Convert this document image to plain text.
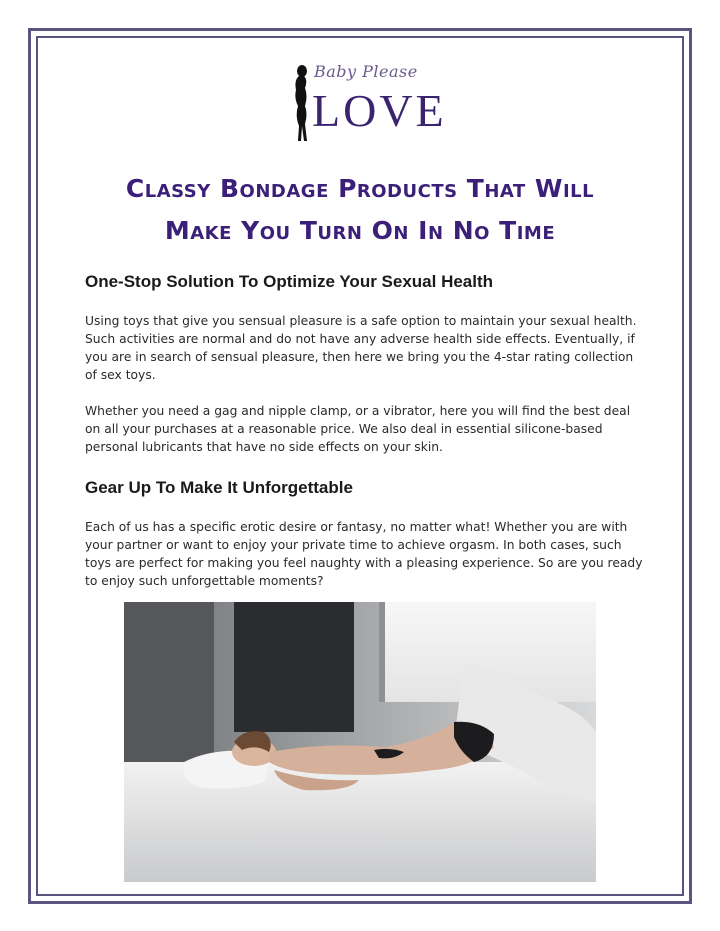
Baby Please
LOVE
Classy Bondage Products That Will
Make You Turn On In No Time
One-Stop Solution To Optimize Your Sexual Health

Using toys that give you sensual pleasure is a safe option to maintain your sexual health. Such activities are normal and do not have any adverse health side effects. Eventually, if you are in search of sensual pleasure, then here we bring you the 4-star rating collection of sex toys.

Whether you need a gag and nipple clamp, or a vibrator, here you will find the best deal on all your purchases at a reasonable price. We also deal in essential silicone-based personal lubricants that have no side effects on your skin.

Gear Up To Make It Unforgettable

Each of us has a specific erotic desire or fantasy, no matter what! Whether you are with your partner or want to enjoy your private time to achieve orgasm. In both cases, such toys are perfect for making you feel naughty with a pleasing experience. So are you ready to enjoy such unforgettable moments?
